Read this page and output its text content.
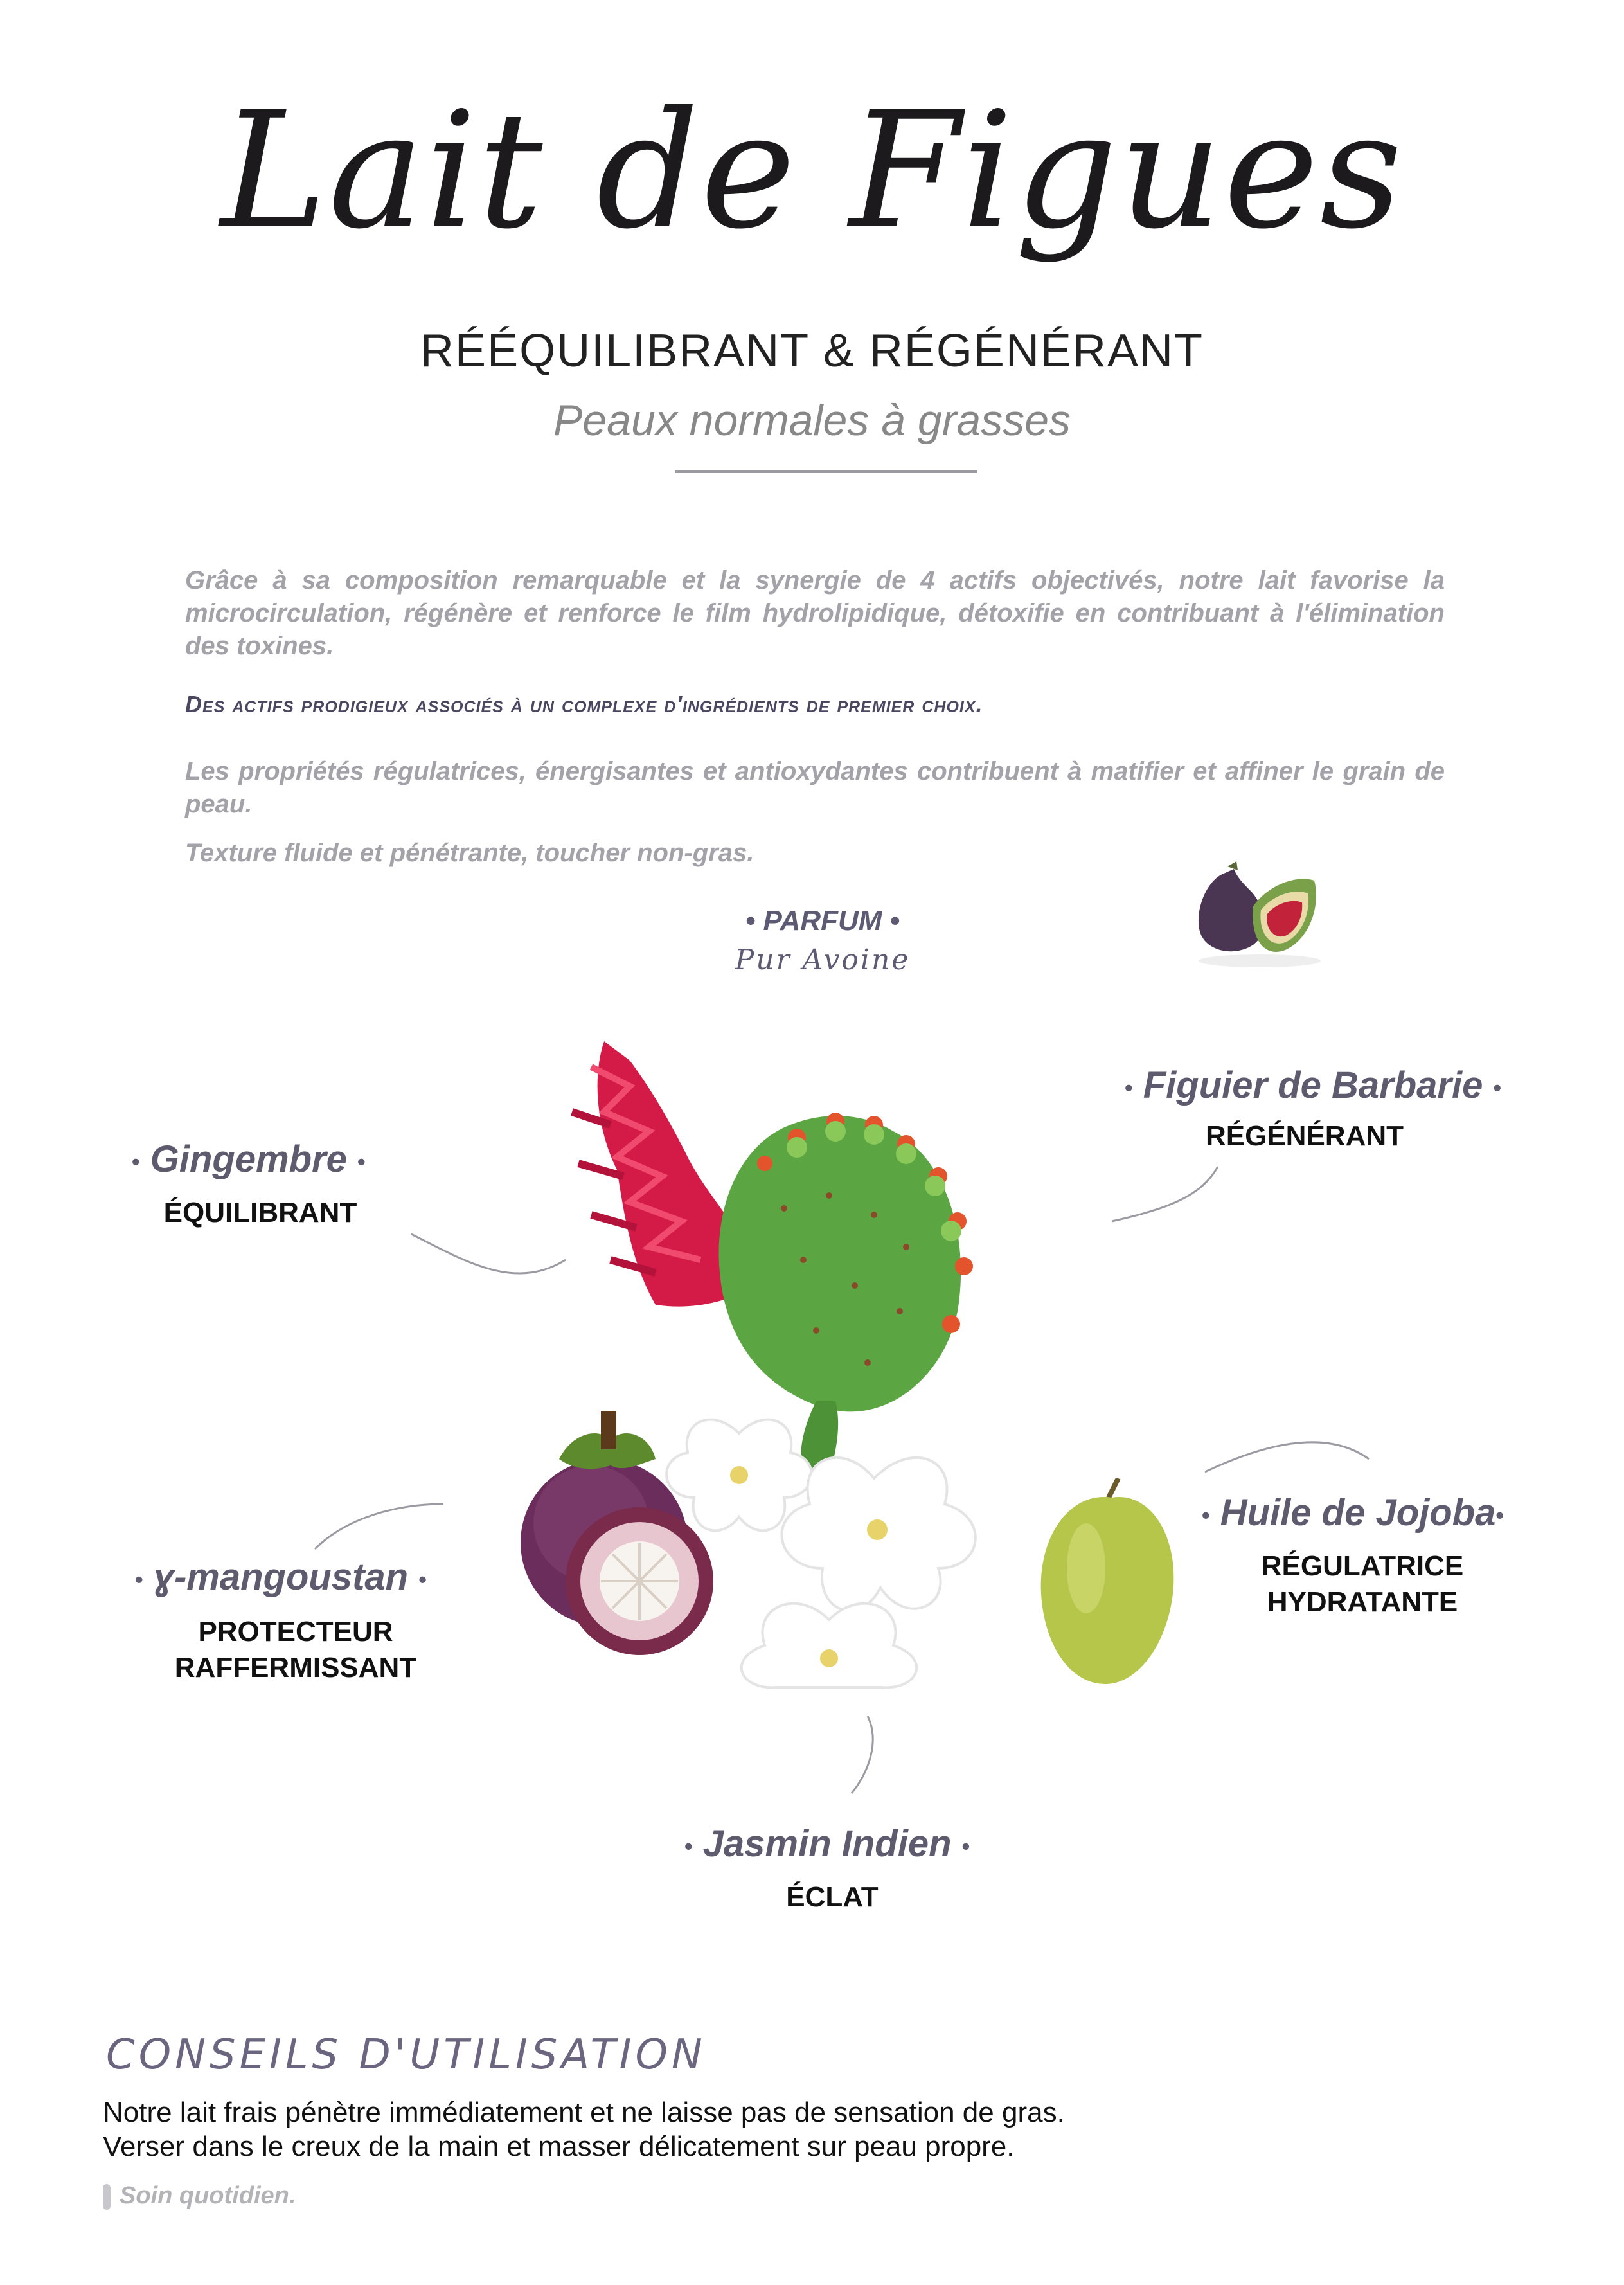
Lait de Figues
RÉÉQUILIBRANT & RÉGÉNÉRANT
Peaux normales à grasses
Grâce à sa composition remarquable et la synergie de 4 actifs objectivés, notre lait favorise la microcirculation, régénère et renforce le film hydrolipidique, détoxifie en contribuant à l'élimination des toxines.
Des actifs prodigieux associés à un complexe d'ingrédients de premier choix.
Les propriétés régulatrices, énergisantes et antioxydantes contribuent à matifier et affiner le grain de peau.
Texture fluide et pénétrante, toucher non-gras.
• PARFUM •
Pur Avoine
• Gingembre •
ÉQUILIBRANT
• Figuier de Barbarie •
RÉGÉNÉRANT
• ɣ-mangoustan •
PROTECTEUR
RAFFERMISSANT
• Huile de Jojoba•
RÉGULATRICE
HYDRATANTE
• Jasmin Indien •
ÉCLAT
CONSEILS D'UTILISATION
Notre lait frais pénètre immédiatement et ne laisse pas de sensation de gras.
Verser dans le creux de la main et masser délicatement sur peau propre.
Soin quotidien.
